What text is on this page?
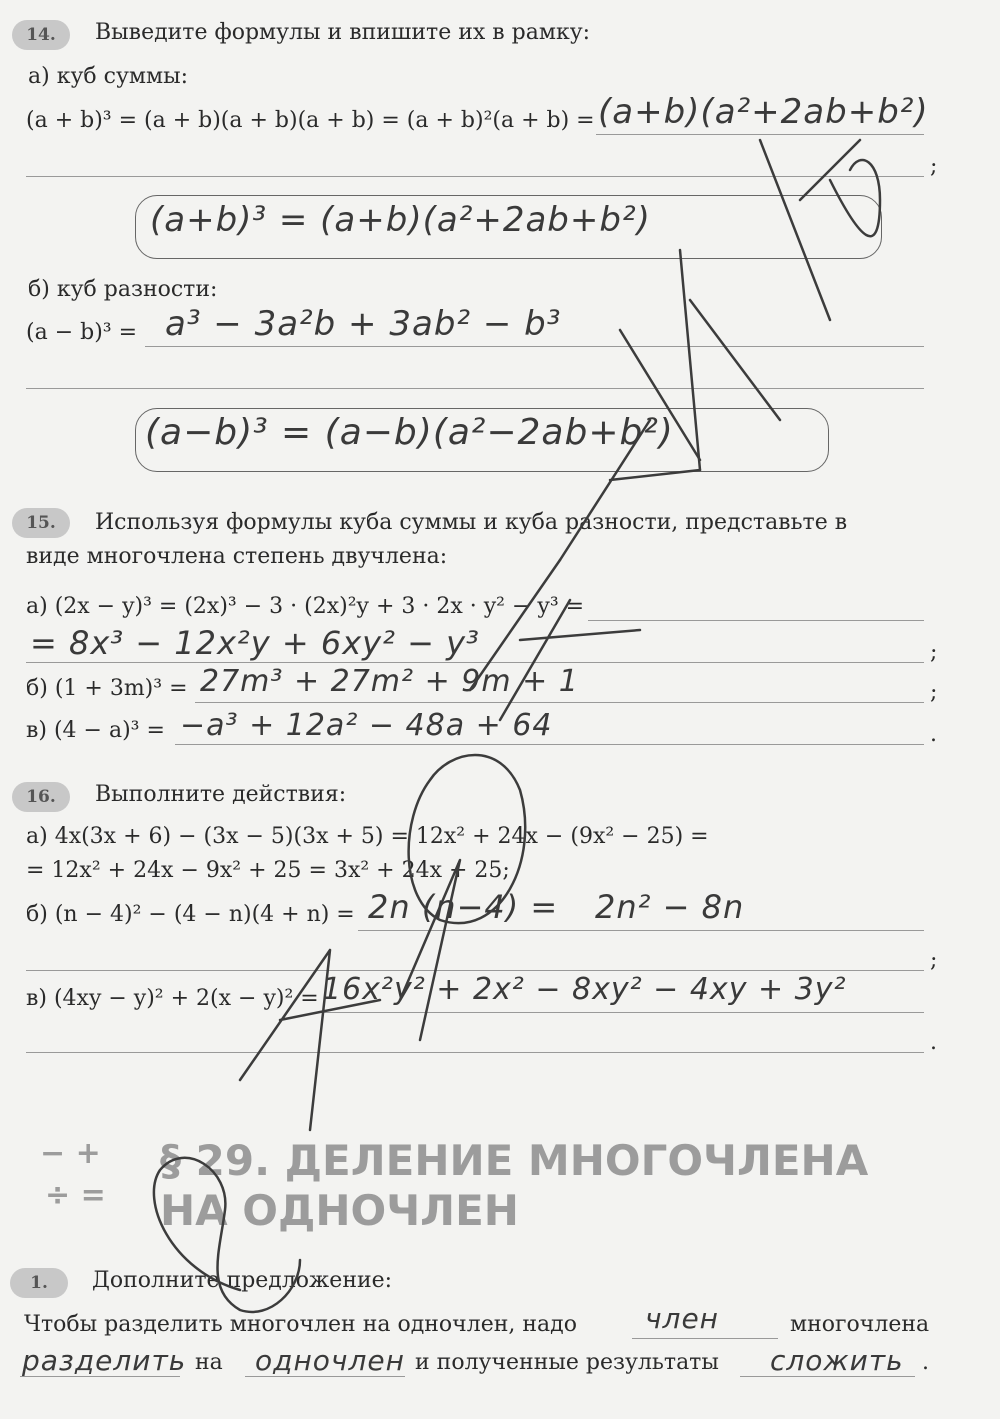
14.	Выведите формулы и впишите их в рамку:
а) куб суммы:
(a + b)³ = (a + b)(a + b)(a + b) = (a + b)²(a + b) = (a+b)(a²+2ab+b²)
;
(a+b)³ = (a+b)(a²+2ab+b²)
б) куб разности:
(a − b)³ = a³ − 3a²b + 3ab² − b³
(a−b)³ = (a−b)(a²−2ab+b²)
15.	Используя формулы куба суммы и куба разности, представьте в
виде многочлена степень двучлена:
а) (2x − y)³ = (2x)³ − 3 · (2x)²y + 3 · 2x · y² − y³ =
= 8x³ − 12x²y + 6xy² − y³	;
б) (1 + 3m)³ = 27m³ + 27m² + 9m + 1	;
в) (4 − a)³ = −a³ + 12a² − 48a + 64	.
16.	Выполните действия:
а) 4x(3x + 6) − (3x − 5)(3x + 5) = 12x² + 24x − (9x² − 25) =
= 12x² + 24x − 9x² + 25 = 3x² + 24x + 25;
б) (n − 4)² − (4 − n)(4 + n) = 2n (n−4) = 2n² − 8n
;
в) (4xy − y)² + 2(x − y)² = 16x²y² + 2x² − 8xy² − 4xy + 3y²
.
− +
÷ =
§ 29. ДЕЛЕНИЕ МНОГОЧЛЕНА
НА ОДНОЧЛЕН
1.	Дополните предложение:
Чтобы разделить многочлен на одночлен, надо член	многочлена
разделить на одночлен и полученные результаты сложить .
